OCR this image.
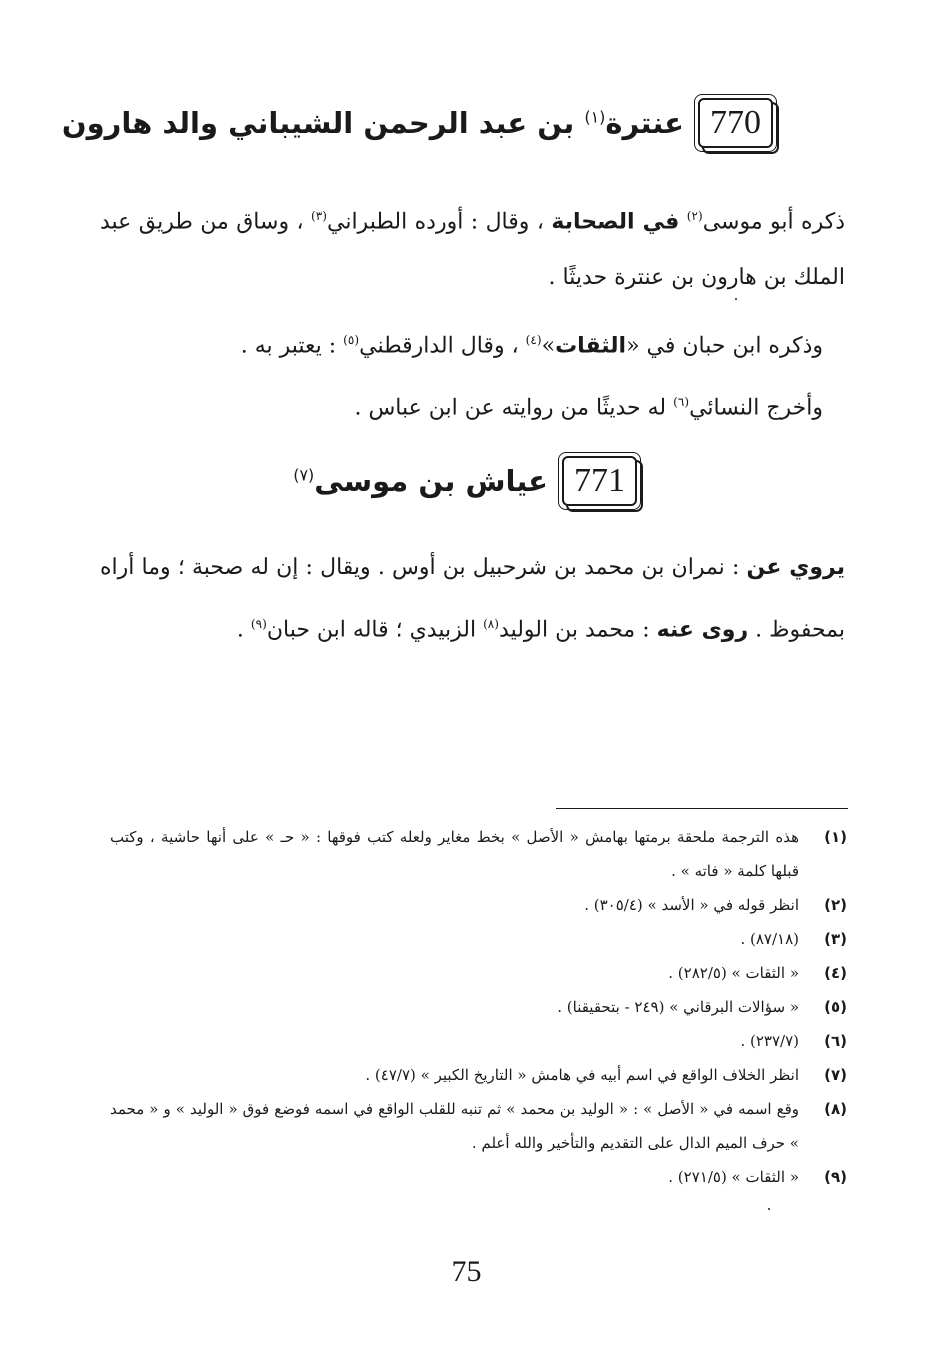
770
عنترة$^{(١)}$ بن عبد الرحمن الشيباني والد هارون
ذكره أبو موسى$^{(٢)}$ في الصحابة ، وقال : أورده الطبراني$^{(٣)}$ ، وساق من طريق عبد الملك بن هارون بن عنترة حديثًا .
وذكره ابن حبان في «الثقات»$^{(٤)}$ ، وقال الدارقطني$^{(٥)}$ : يعتبر به .
وأخرج النسائي$^{(٦)}$ له حديثًا من روايته عن ابن عباس .
771
عياش بن موسى$^{(٧)}$
يروي عن : نمران بن محمد بن شرحبيل بن أوس . ويقال : إن له صحبة ؛ وما أراه بمحفوظ . روى عنه : محمد بن الوليد$^{(٨)}$ الزبيدي ؛ قاله ابن حبان$^{(٩)}$ .
(١)
هذه الترجمة ملحقة برمتها بهامش « الأصل » بخط مغاير ولعله كتب فوقها : « حـ » على أنها حاشية ، وكتب قبلها كلمة « فاته » .
(٢)
انظر قوله في « الأسد » (٣٠٥/٤) .
(٣)
(٨٧/١٨) .
(٤)
« الثقات » (٢٨٢/٥) .
(٥)
« سؤالات البرقاني » (٢٤٩ - بتحقيقنا) .
(٦)
(٢٣٧/٧) .
(٧)
انظر الخلاف الواقع في اسم أبيه في هامش « التاريخ الكبير » (٤٧/٧) .
(٨)
وقع اسمه في « الأصل » : « الوليد بن محمد » ثم تنبه للقلب الواقع في اسمه فوضع فوق « الوليد » و « محمد » حرف الميم الدال على التقديم والتأخير والله أعلم .
(٩)
« الثقات » (٢٧١/٥) .
75
